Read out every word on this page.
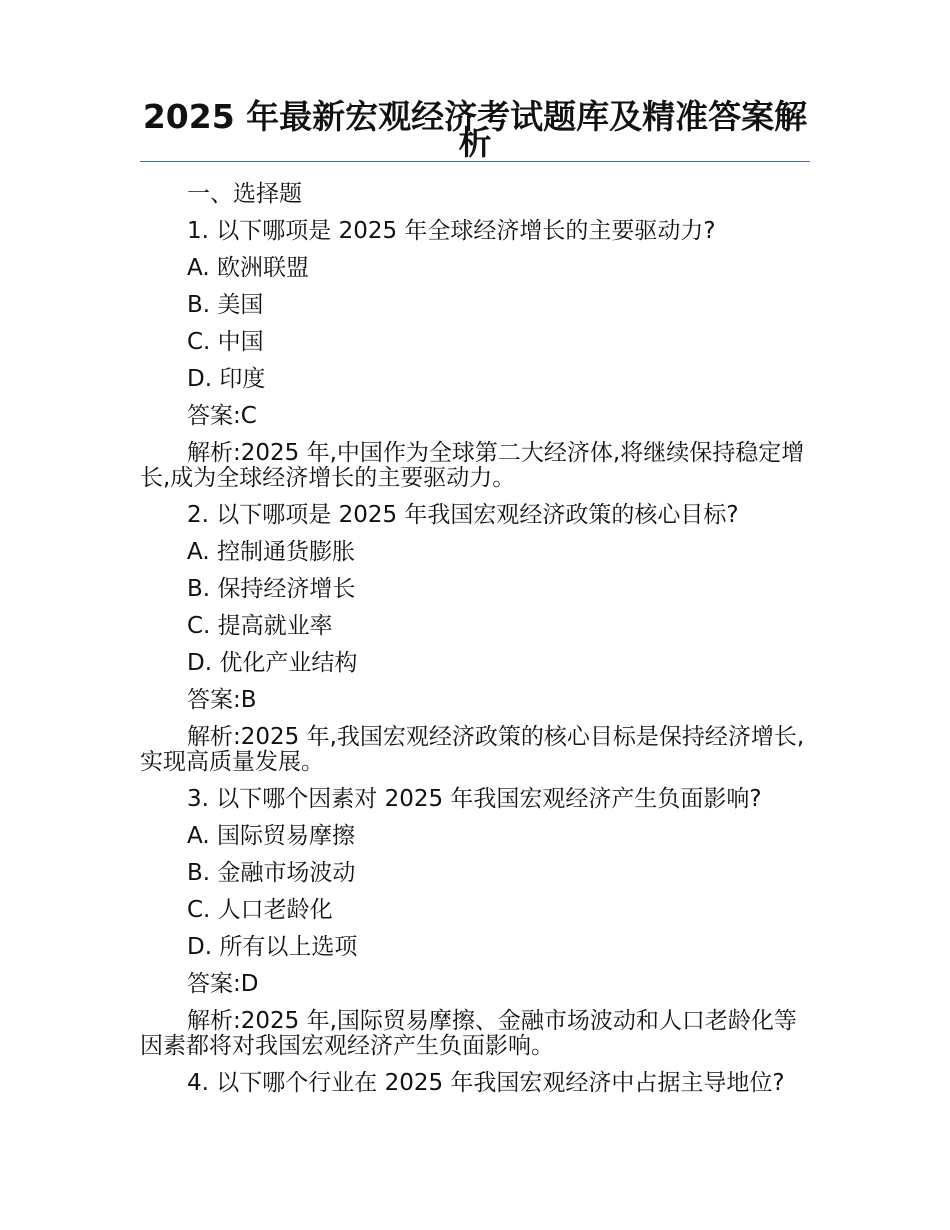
2025 年最新宏观经济考试题库及精准答案解析

一、选择题

1. 以下哪项是 2025 年全球经济增长的主要驱动力?

A. 欧洲联盟

B. 美国

C. 中国

D. 印度

答案:C

解析:2025 年,中国作为全球第二大经济体,将继续保持稳定增长,成为全球经济增长的主要驱动力。

2. 以下哪项是 2025 年我国宏观经济政策的核心目标?

A. 控制通货膨胀

B. 保持经济增长

C. 提高就业率

D. 优化产业结构

答案:B

解析:2025 年,我国宏观经济政策的核心目标是保持经济增长,实现高质量发展。

3. 以下哪个因素对 2025 年我国宏观经济产生负面影响?

A. 国际贸易摩擦

B. 金融市场波动

C. 人口老龄化

D. 所有以上选项

答案:D

解析:2025 年,国际贸易摩擦、金融市场波动和人口老龄化等因素都将对我国宏观经济产生负面影响。

4. 以下哪个行业在 2025 年我国宏观经济中占据主导地位?
